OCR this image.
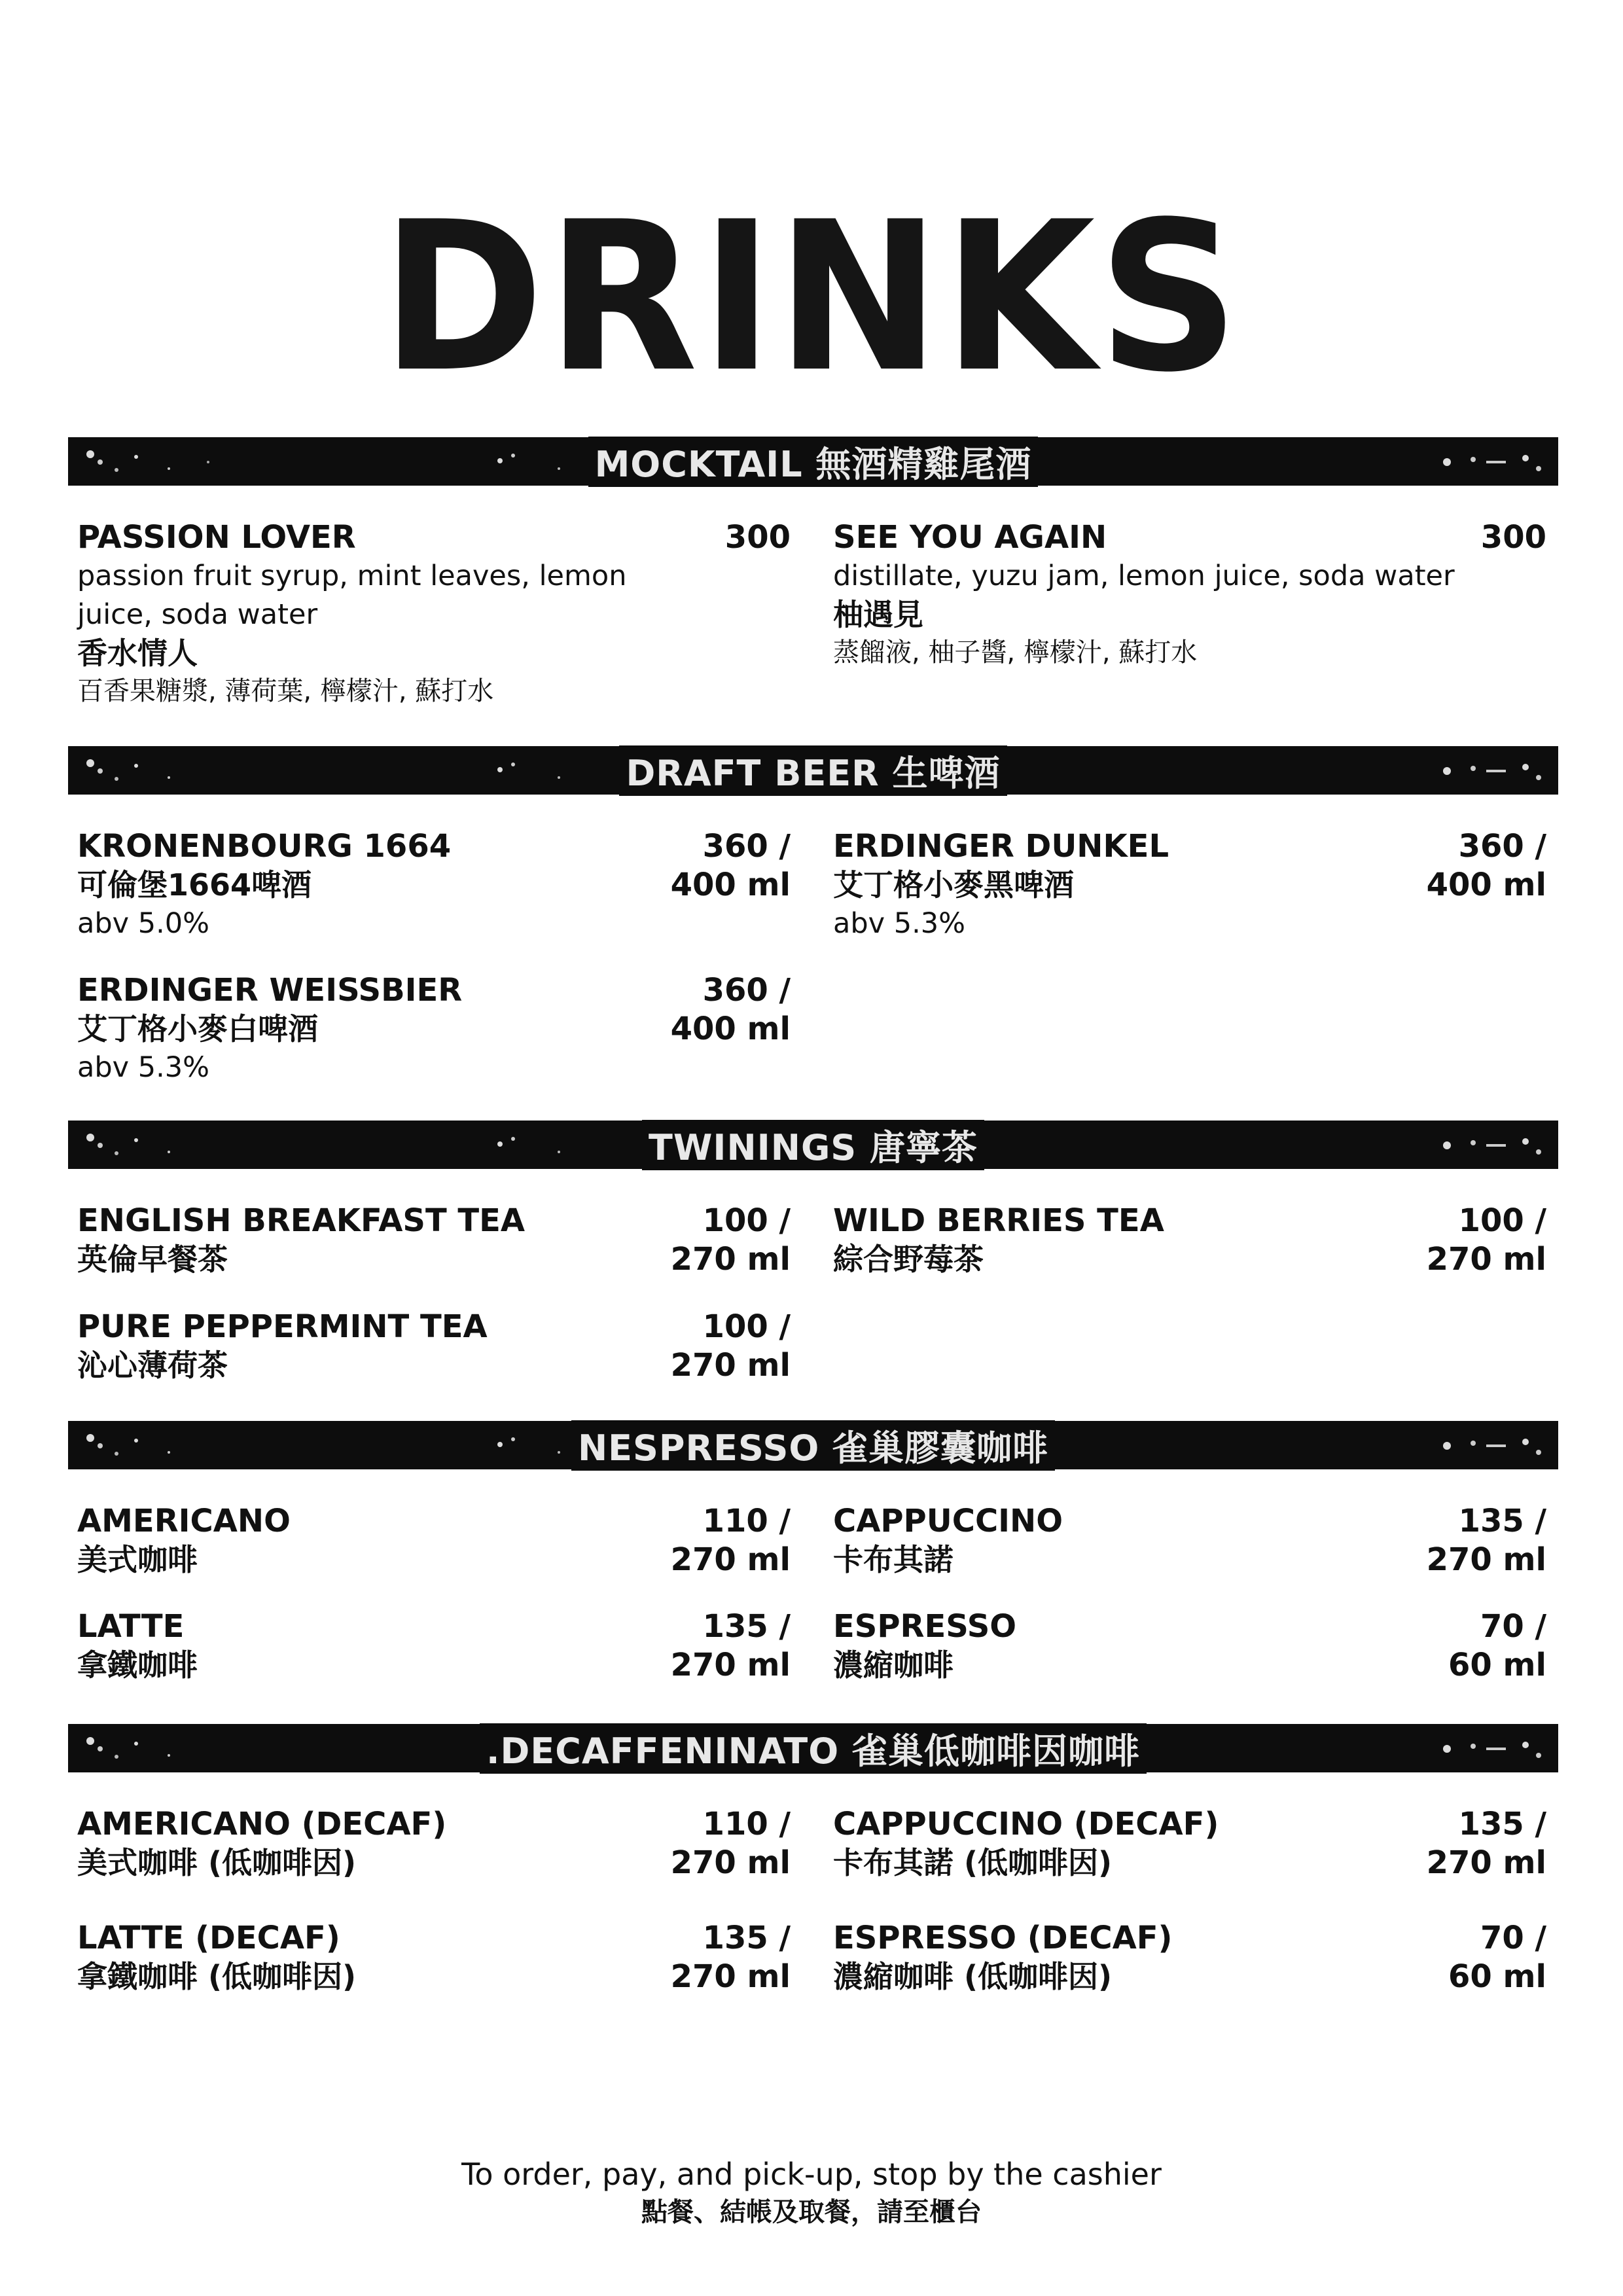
DRINKS
MOCKTAIL 無酒精雞尾酒
PASSION LOVER	300
passion fruit syrup, mint leaves, lemon juice, soda water
香水情人
百香果糖漿, 薄荷葉, 檸檬汁, 蘇打水
SEE YOU AGAIN	300
distillate, yuzu jam, lemon juice, soda water
柚遇見
蒸餾液, 柚子醬, 檸檬汁, 蘇打水
DRAFT BEER 生啤酒
KRONENBOURG 1664
可倫堡1664啤酒
abv 5.0%
360 /
400 ml
ERDINGER DUNKEL
艾丁格小麥黑啤酒
abv 5.3%
360 /
400 ml
ERDINGER WEISSBIER
艾丁格小麥白啤酒
abv 5.3%
360 /
400 ml
TWININGS 唐寧茶
ENGLISH BREAKFAST TEA
英倫早餐茶
100 /
270 ml
WILD BERRIES TEA
綜合野莓茶
100 /
270 ml
PURE PEPPERMINT TEA
沁心薄荷茶
100 /
270 ml
NESPRESSO 雀巢膠囊咖啡
AMERICANO
美式咖啡
110 /
270 ml
CAPPUCCINO
卡布其諾
135 /
270 ml
LATTE
拿鐵咖啡
135 /
270 ml
ESPRESSO
濃縮咖啡
70 /
60 ml
.DECAFFENINATO 雀巢低咖啡因咖啡
AMERICANO (DECAF)
美式咖啡 (低咖啡因)
110 /
270 ml
CAPPUCCINO (DECAF)
卡布其諾 (低咖啡因)
135 /
270 ml
LATTE (DECAF)
拿鐵咖啡 (低咖啡因)
135 /
270 ml
ESPRESSO (DECAF)
濃縮咖啡 (低咖啡因)
70 /
60 ml
To order, pay, and pick-up, stop by the cashier
點餐、結帳及取餐，請至櫃台
